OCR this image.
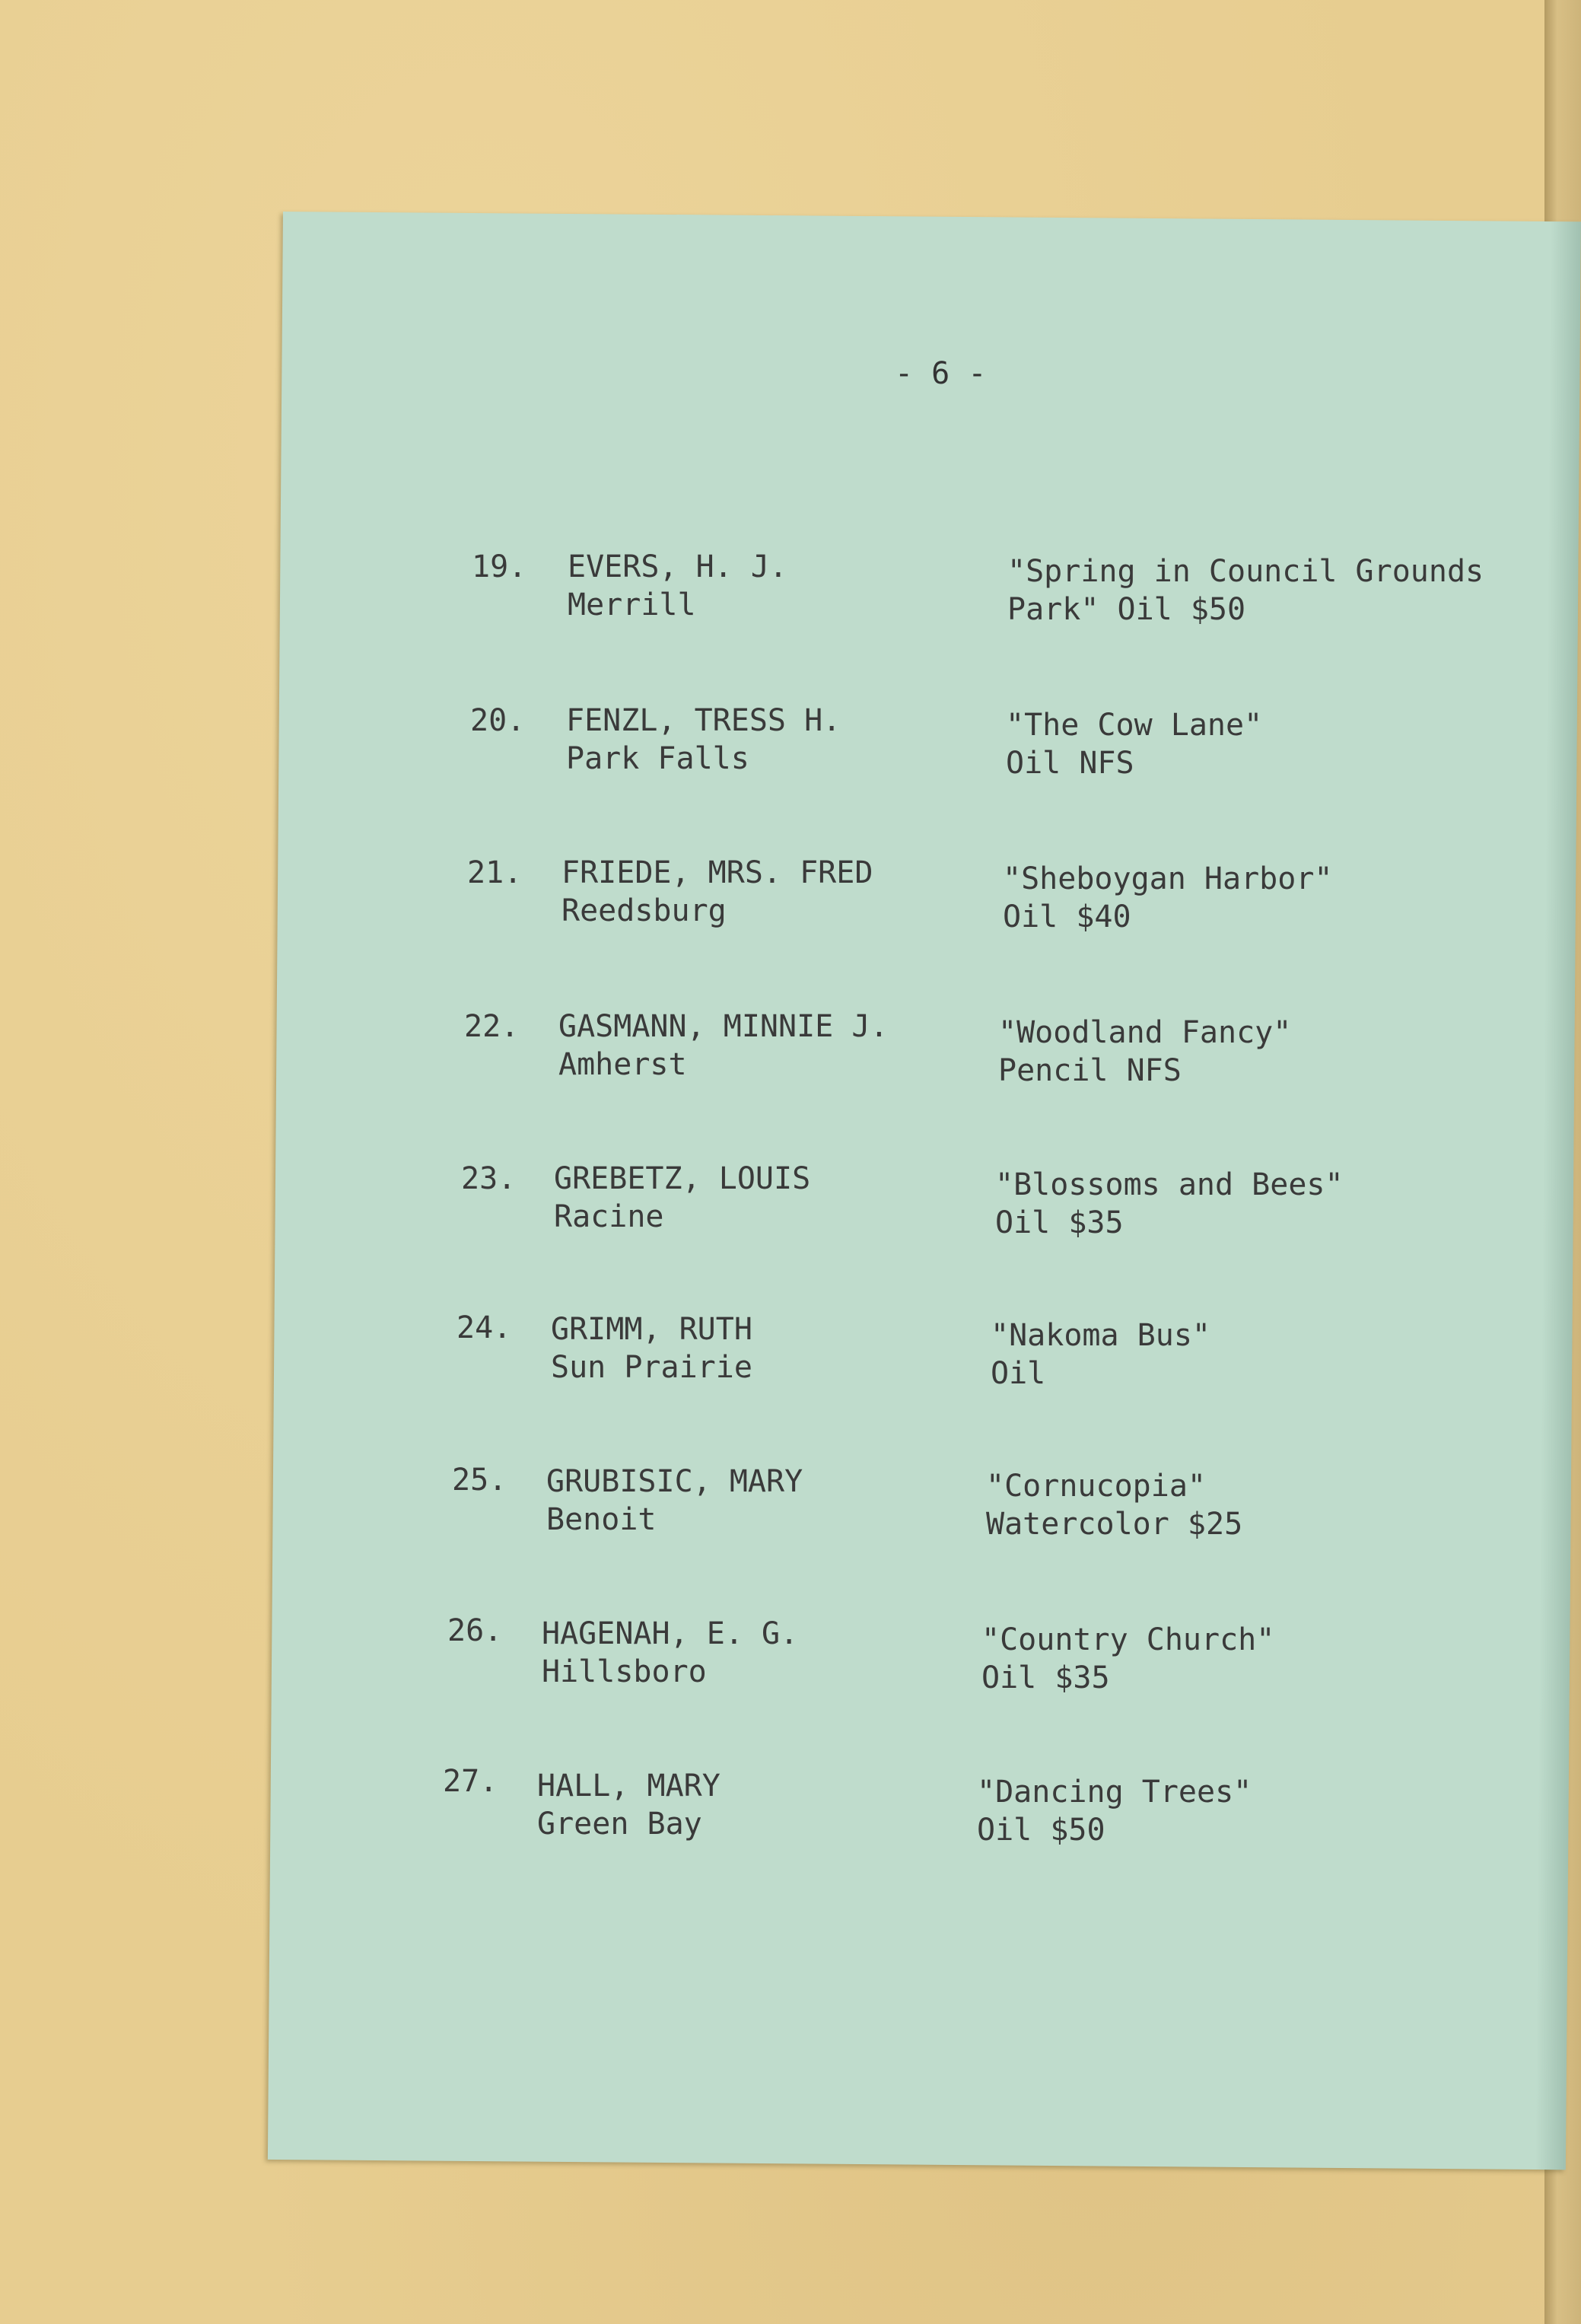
- 6 -
19. EVERS, H. J.
Merrill
"Spring in Council Grounds
Park" Oil $50
20. FENZL, TRESS H.
Park Falls
"The Cow Lane"
Oil NFS
21. FRIEDE, MRS. FRED
Reedsburg
"Sheboygan Harbor"
Oil $40
22. GASMANN, MINNIE J.
Amherst
"Woodland Fancy"
Pencil NFS
23. GREBETZ, LOUIS
Racine
"Blossoms and Bees"
Oil $35
24. GRIMM, RUTH
Sun Prairie
"Nakoma Bus"
Oil
25. GRUBISIC, MARY
Benoit
"Cornucopia"
Watercolor $25
26. HAGENAH, E. G.
Hillsboro
"Country Church"
Oil $35
27. HALL, MARY
Green Bay
"Dancing Trees"
Oil $50
